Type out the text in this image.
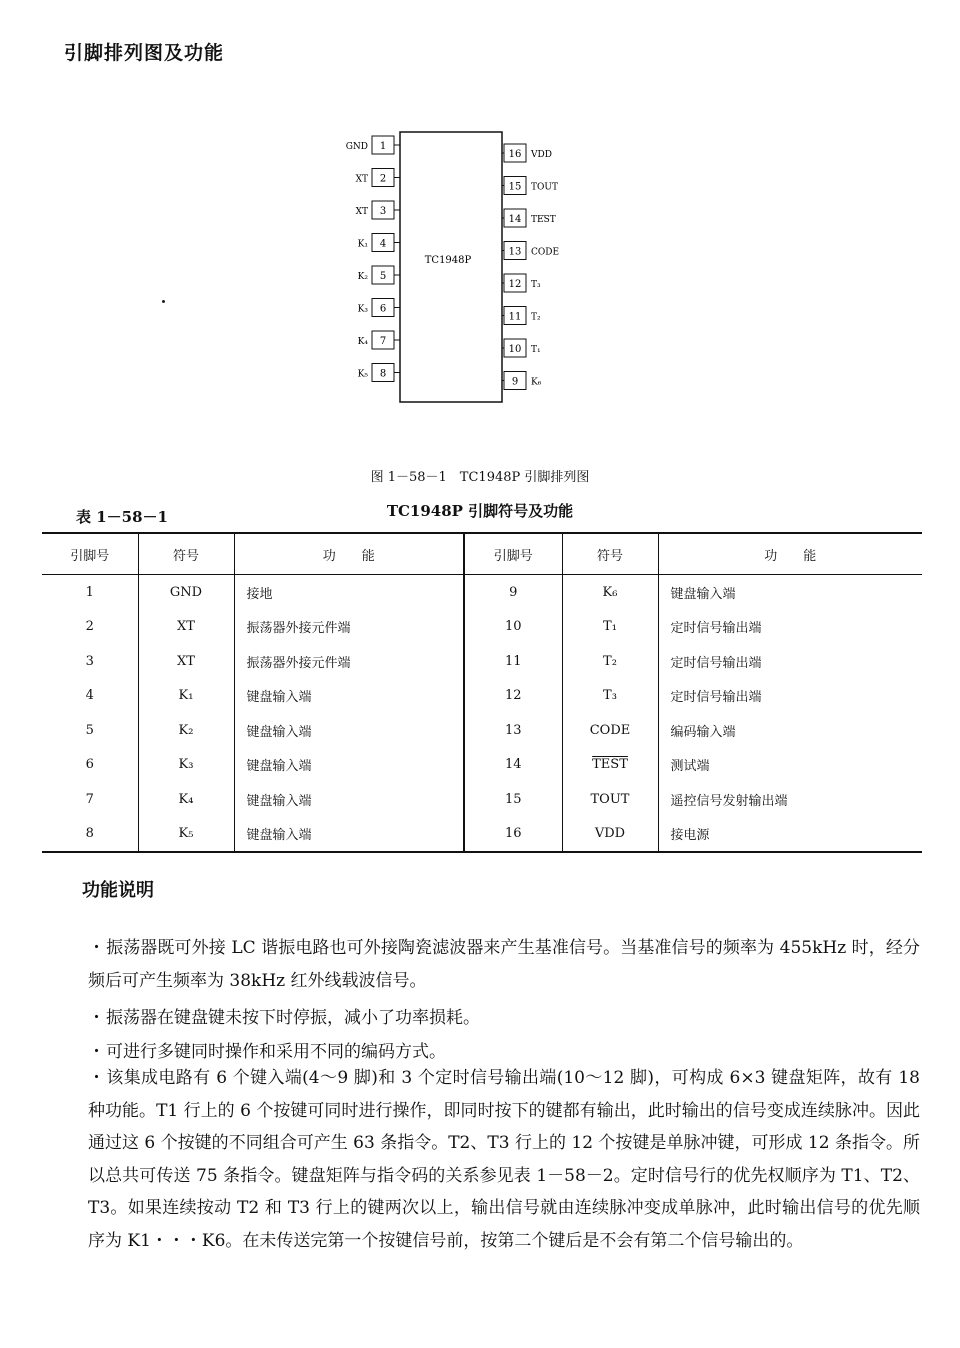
引脚排列图及功能
TC1948P
1
GND
2
XT
3
XT
4
K₁
5
K₂
6
K₃
7
K₄
8
K₅
16 VDD
15 TOUT
14 TEST
13 CODE
12 T₃
11 T₂
10 T₁
9 K₆
图 1－58－1　TC1948P 引脚排列图
表 1－58－1	TC1948P 引脚符号及功能
引脚号	符号	功　　能	引脚号	符号	功　　能
1	GND	接地	9	K₆	键盘输入端
2	XT	振荡器外接元件端	10	T₁	定时信号输出端
3	XT	振荡器外接元件端	11	T₂	定时信号输出端
4	K₁	键盘输入端	12	T₃	定时信号输出端
5	K₂	键盘输入端	13	CODE	编码输入端
6	K₃	键盘输入端	14	TEST	测试端
7	K₄	键盘输入端	15	TOUT	遥控信号发射输出端
8	K₅	键盘输入端	16	VDD	接电源
功能说明
・振荡器既可外接 LC 谐振电路也可外接陶瓷滤波器来产生基准信号。当基准信号的频率为 455kHz 时，经分频后可产生频率为 38kHz 红外线载波信号。
・振荡器在键盘键未按下时停振，减小了功率损耗。
・可进行多键同时操作和采用不同的编码方式。
・该集成电路有 6 个键入端(4～9 脚)和 3 个定时信号输出端(10～12 脚)，可构成 6×3 键盘矩阵，故有 18 种功能。T1 行上的 6 个按键可同时进行操作，即同时按下的键都有输出，此时输出的信号变成连续脉冲。因此通过这 6 个按键的不同组合可产生 63 条指令。T2、T3 行上的 12 个按键是单脉冲键，可形成 12 条指令。所以总共可传送 75 条指令。键盘矩阵与指令码的关系参见表 1－58－2。定时信号行的优先权顺序为 T1、T2、T3。如果连续按动 T2 和 T3 行上的键两次以上，输出信号就由连续脉冲变成单脉冲，此时输出信号的优先顺序为 K1・・・K6。在未传送完第一个按键信号前，按第二个键后是不会有第二个信号输出的。
